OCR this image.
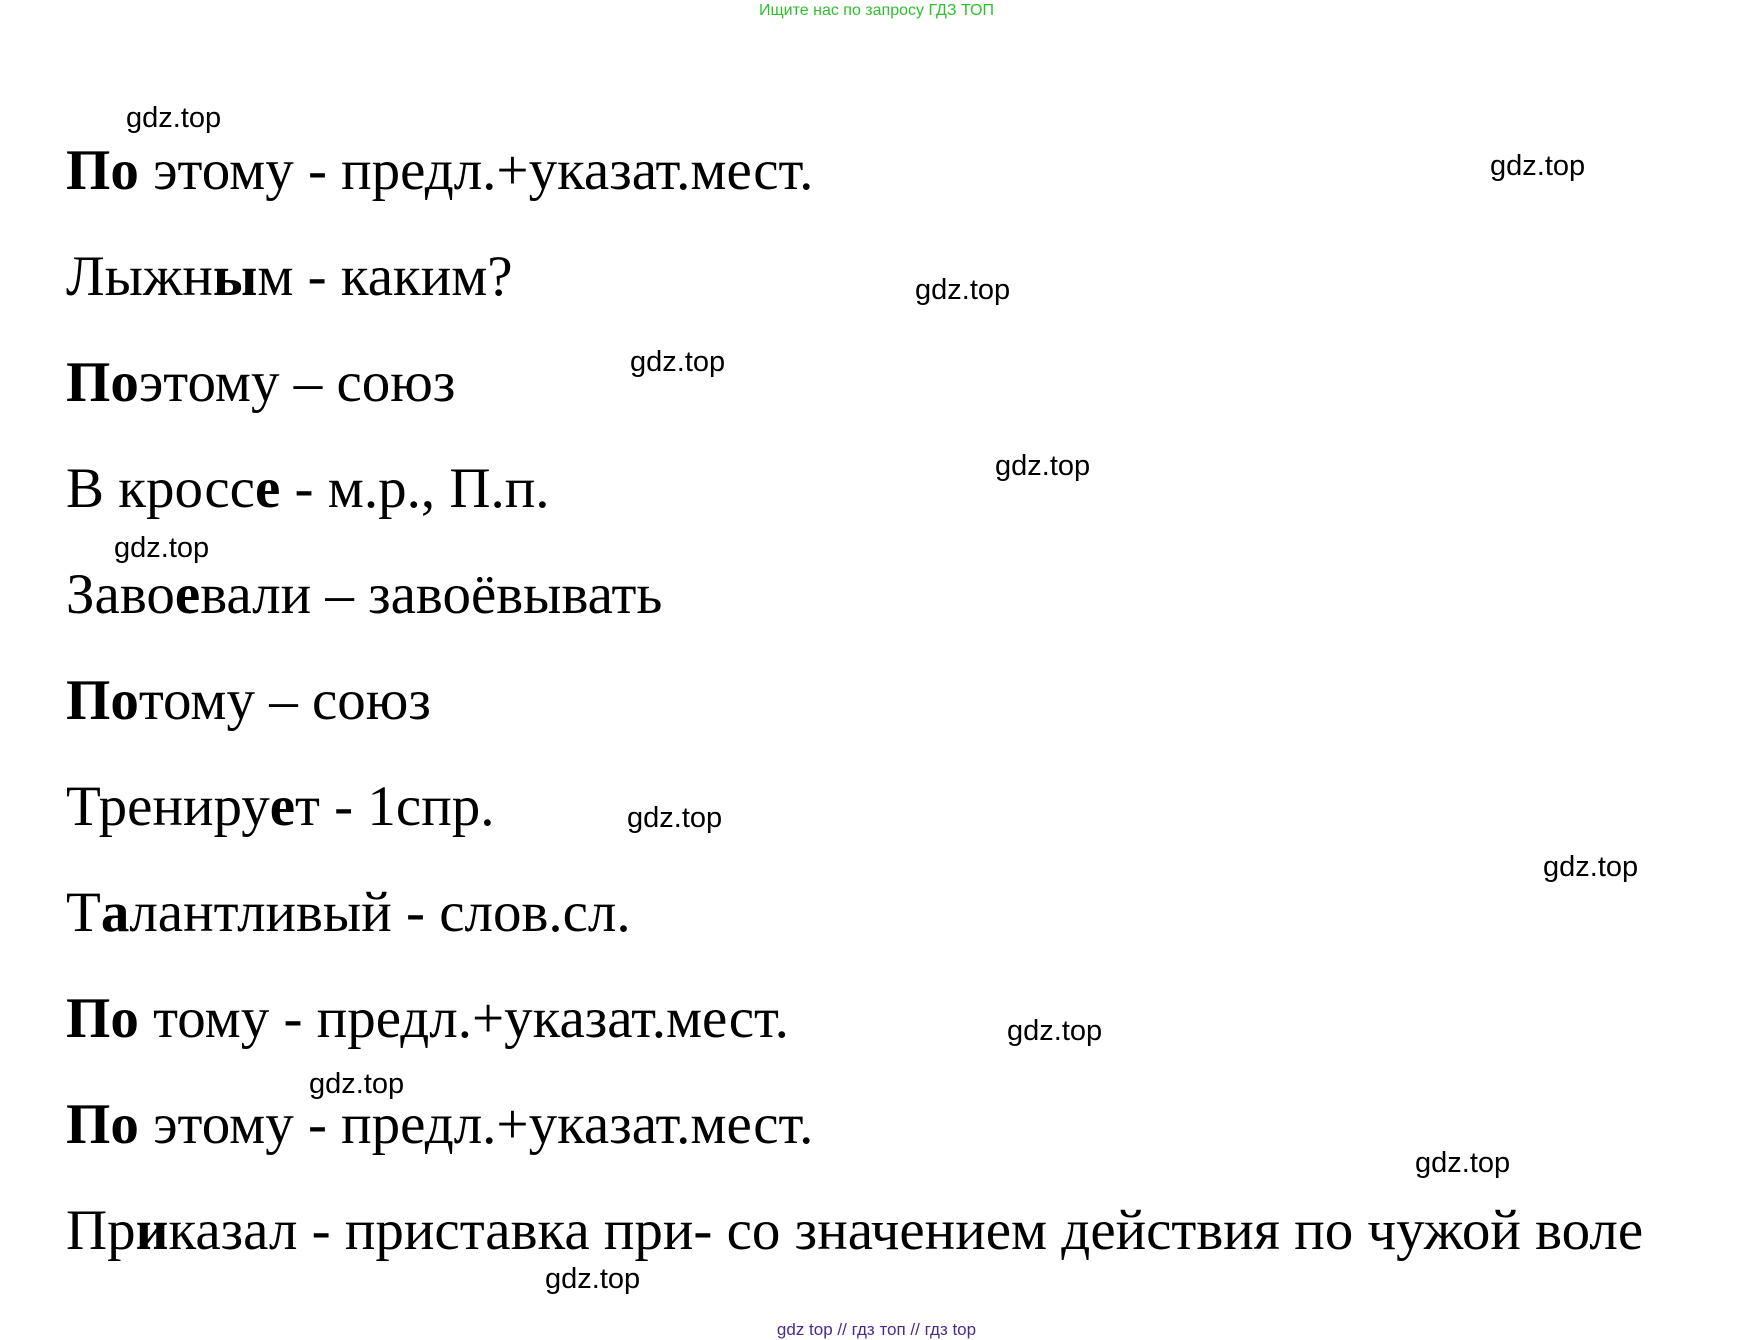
Ищите нас по запросу ГДЗ ТОП

По этому - предл.+указат.мест.

Лыжным - каким?

Поэтому – союз

В кроссе - м.р., П.п.

Завоевали – завоёвывать

Потому – союз

Тренирует - 1спр.

Талантливый - слов.сл.

По тому - предл.+указат.мест.

По этому - предл.+указат.мест.

Приказал - приставка при- со значением действия по чужой воле

gdz.top
gdz.top
gdz.top
gdz.top
gdz.top
gdz.top
gdz.top
gdz.top
gdz.top
gdz.top
gdz.top
gdz.top
gdz top // гдз топ // гдз top
